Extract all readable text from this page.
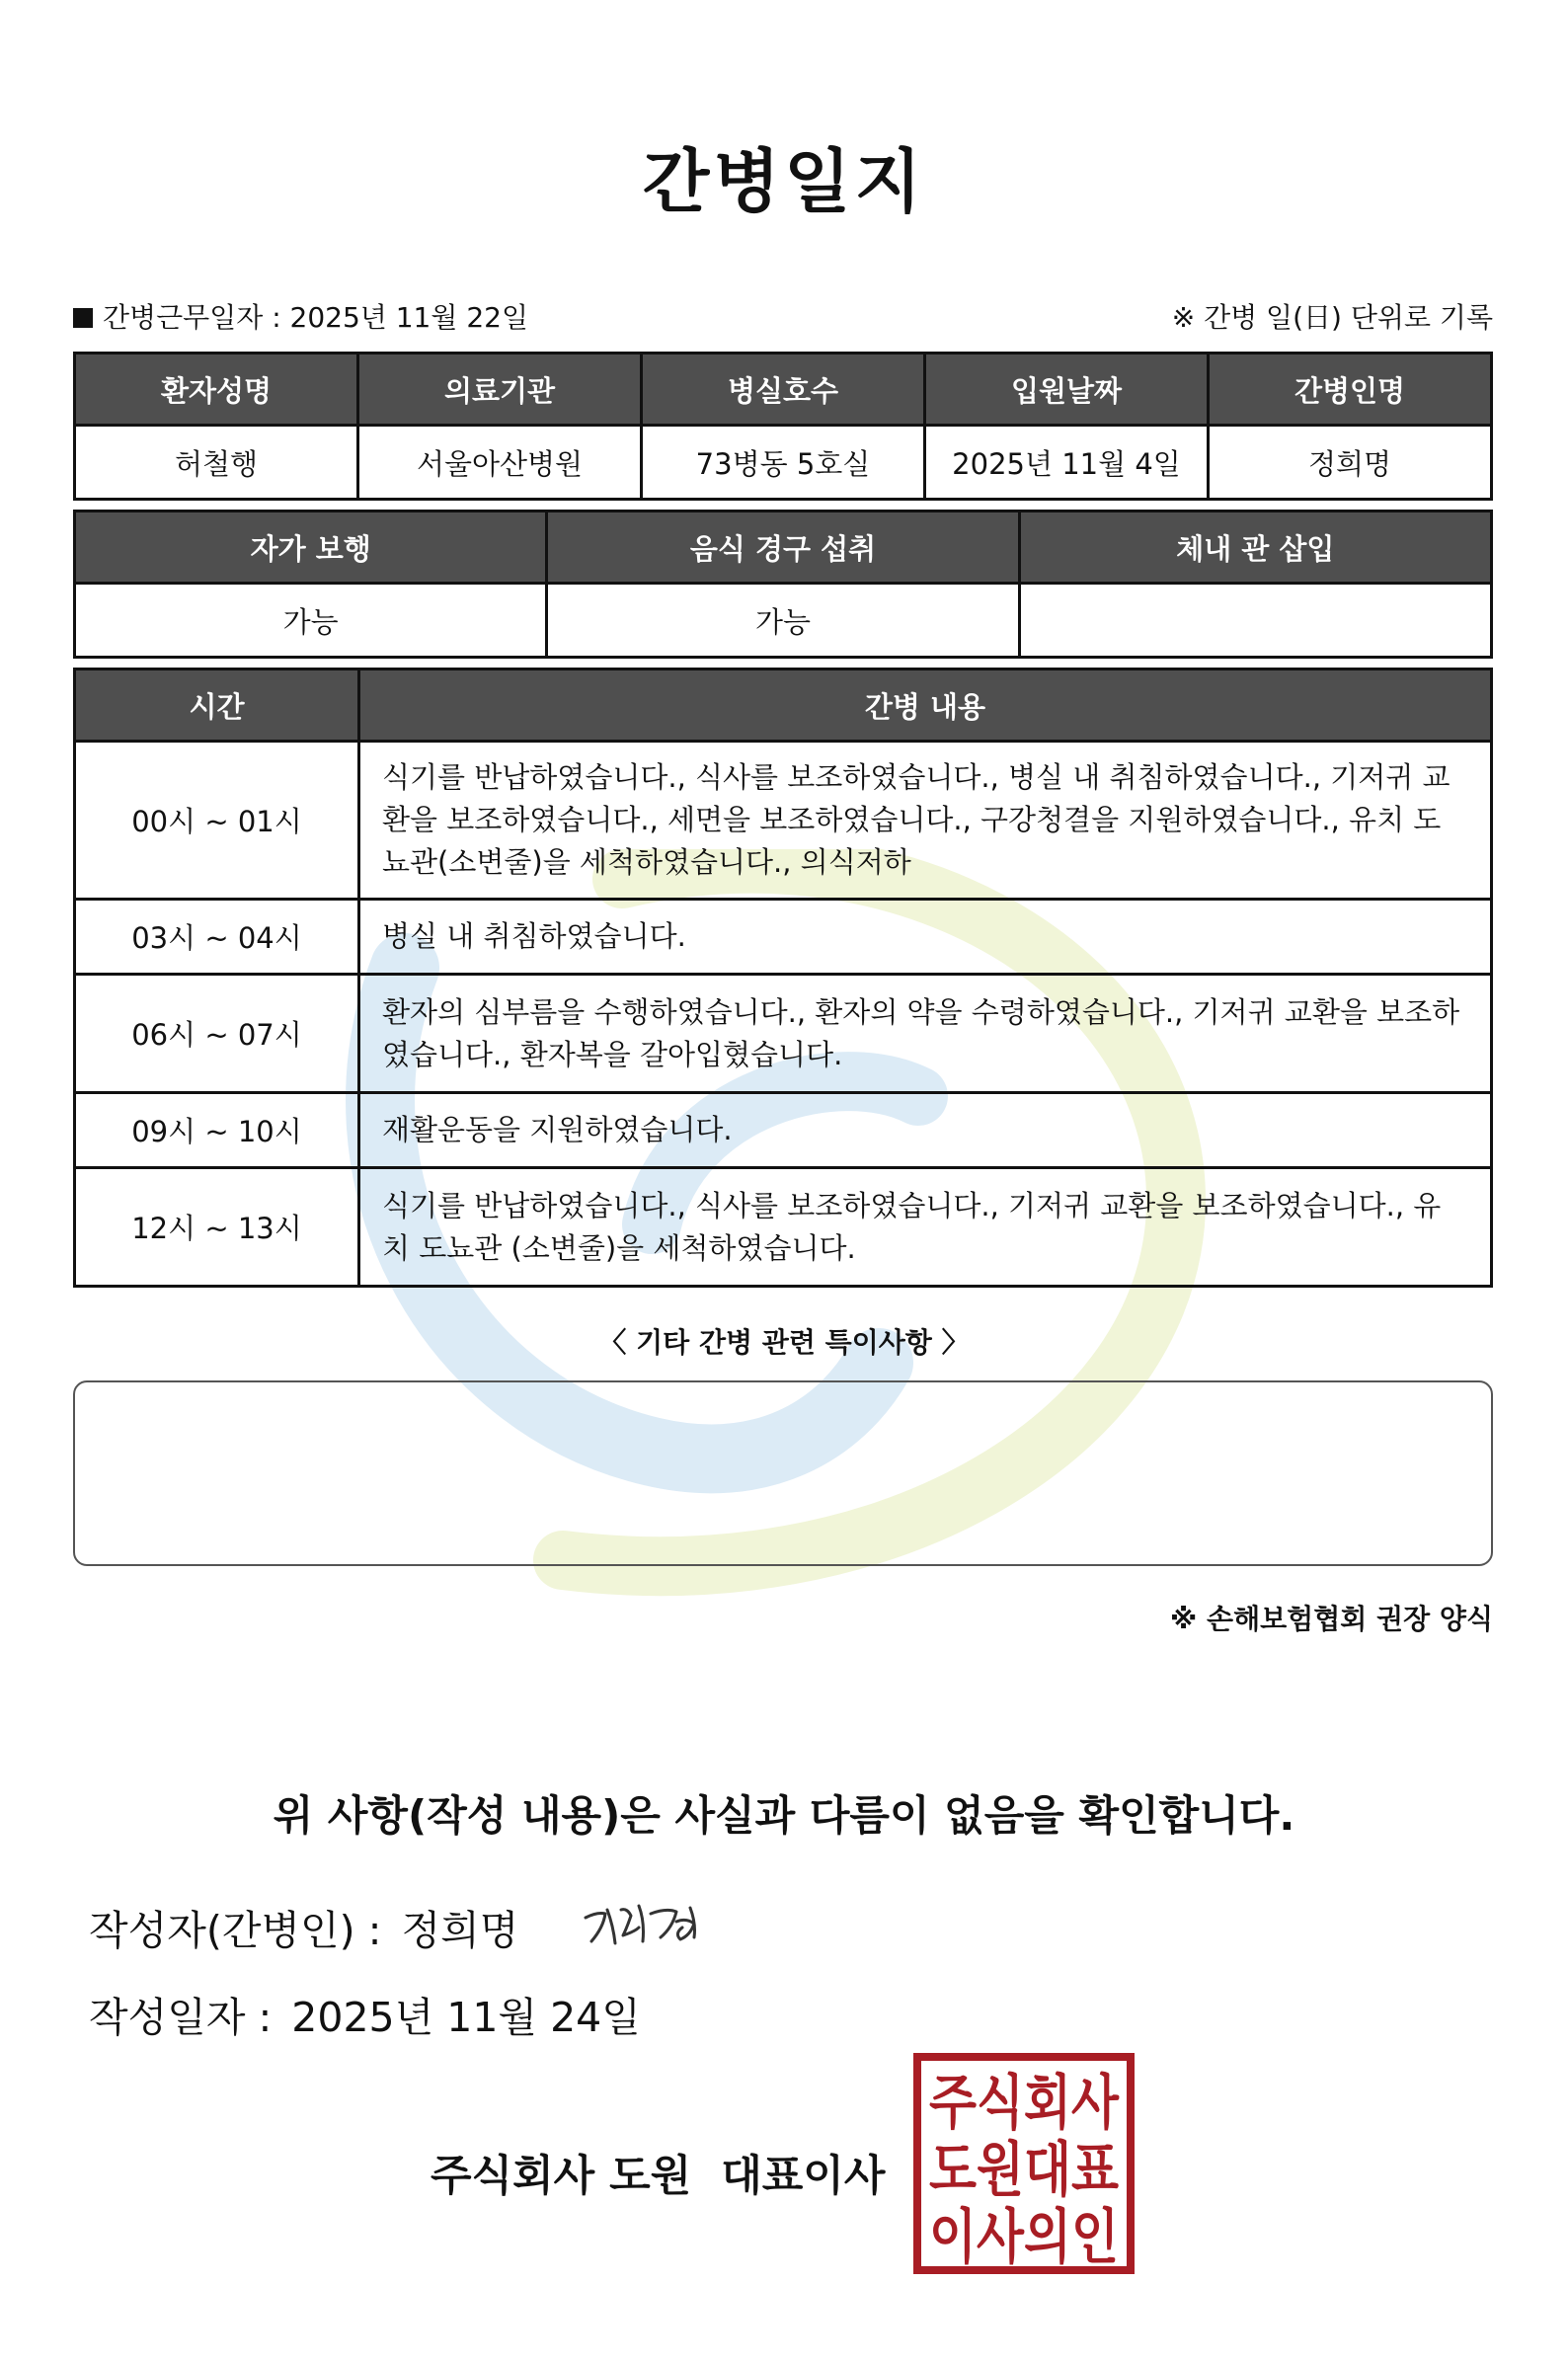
간병일지
간병근무일자 : 2025년 11월 22일	※ 간병 일(日) 단위로 기록
환자성명	의료기관	병실호수	입원날짜	간병인명
허철행	서울아산병원	73병동 5호실	2025년 11월 4일	정희명
자가 보행	음식 경구 섭취	체내 관 삽입
가능	가능	
시간	간병 내용
00시 ~ 01시	식기를 반납하였습니다., 식사를 보조하였습니다., 병실 내 취침하였습니다., 기저귀 교환을 보조하였습니다., 세면을 보조하였습니다., 구강청결을 지원하였습니다., 유치 도뇨관(소변줄)을 세척하였습니다., 의식저하
03시 ~ 04시	병실 내 취침하였습니다.
06시 ~ 07시	환자의 심부름을 수행하였습니다., 환자의 약을 수령하였습니다., 기저귀 교환을 보조하였습니다., 환자복을 갈아입혔습니다.
09시 ~ 10시	재활운동을 지원하였습니다.
12시 ~ 13시	식기를 반납하였습니다., 식사를 보조하였습니다., 기저귀 교환을 보조하였습니다., 유치 도뇨관 (소변줄)을 세척하였습니다.
〈 기타 간병 관련 특이사항 〉
※ 손해보험협회 권장 양식
위 사항(작성 내용)은 사실과 다름이 없음을 확인합니다.
작성자(간병인) : 정희명
작성일자 : 2025년 11월 24일
주식회사 도원 대표이사
주식회사
도원대표
이사의인
